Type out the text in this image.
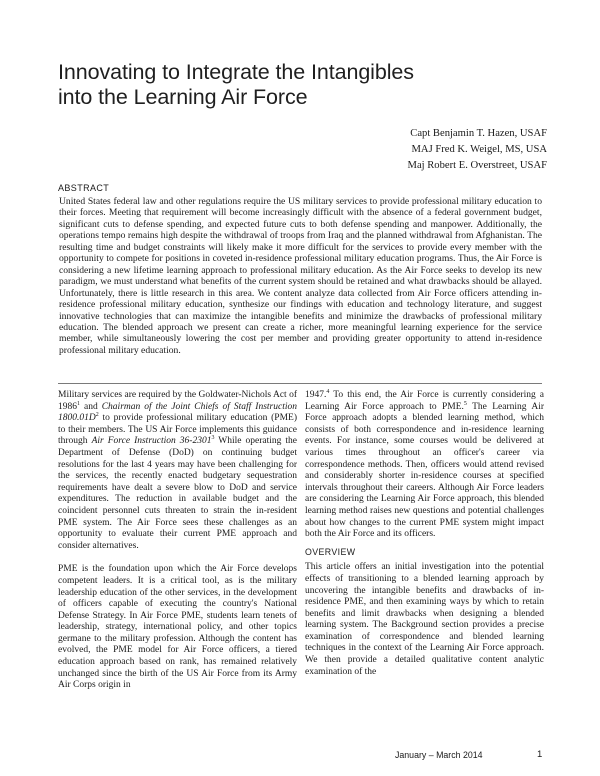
Innovating to Integrate the Intangibles
into the Learning Air Force
Capt Benjamin T. Hazen, USAF
MAJ Fred K. Weigel, MS, USA
Maj Robert E. Overstreet, USAF
ABSTRACT

United States federal law and other regulations require the US military services to provide professional military education to their forces. Meeting that requirement will become increasingly difficult with the absence of a federal government budget, significant cuts to defense spending, and expected future cuts to both defense spending and manpower. Additionally, the operations tempo remains high despite the withdrawal of troops from Iraq and the planned withdrawal from Afghanistan. The resulting time and budget constraints will likely make it more difficult for the services to provide every member with the opportunity to compete for positions in coveted in-residence professional military education programs. Thus, the Air Force is considering a new lifetime learning approach to professional military education. As the Air Force seeks to develop its new paradigm, we must understand what benefits of the current system should be retained and what drawbacks should be allayed. Unfortunately, there is little research in this area. We content analyze data collected from Air Force officers attending in-residence professional military education, synthesize our findings with education and technology literature, and suggest innovative technologies that can maximize the intangible benefits and minimize the drawbacks of professional military education. The blended approach we present can create a richer, more meaningful learning experience for the service member, while simultaneously lowering the cost per member and providing greater opportunity to attend in-residence professional military education.

Military services are required by the Goldwater-Nichols Act of 1986$^1$ and Chairman of the Joint Chiefs of Staff Instruction $1800.01D^2$ to provide professional military education (PME) to their members. The US Air Force implements this guidance through Air Force Instruction 36-2301$^3$ While operating the Department of Defense (DoD) on continuing budget resolutions for the last 4 years may have been challenging for the services, the recently enacted budgetary sequestration requirements have dealt a severe blow to DoD and service expenditures. The reduction in available budget and the coincident personnel cuts threaten to strain the in-resident PME system. The Air Force sees these challenges as an opportunity to evaluate their current PME approach and consider alternatives.

PME is the foundation upon which the Air Force develops competent leaders. It is a critical tool, as is the military leadership education of the other services, in the development of officers capable of executing the country's National Defense Strategy. In Air Force PME, students learn tenets of leadership, strategy, international policy, and other topics germane to the military profession. Although the content has evolved, the PME model for Air Force officers, a tiered education approach based on rank, has remained relatively unchanged since the birth of the US Air Force from its Army Air Corps origin in

1947.$^4$ To this end, the Air Force is currently considering a Learning Air Force approach to PME.$^5$ The Learning Air Force approach adopts a blended learning method, which consists of both correspondence and in-residence learning events. For instance, some courses would be delivered at various times throughout an officer's career via correspondence methods. Then, officers would attend revised and considerably shorter in-residence courses at specified intervals throughout their careers. Although Air Force leaders are considering the Learning Air Force approach, this blended learning method raises new questions and potential challenges about how changes to the current PME system might impact both the Air Force and its officers.

OVERVIEW

This article offers an initial investigation into the potential effects of transitioning to a blended learning approach by uncovering the intangible benefits and drawbacks of in-residence PME, and then examining ways by which to retain benefits and limit drawbacks when designing a blended learning system. The Background section provides a precise examination of correspondence and blended learning techniques in the context of the Learning Air Force approach. We then provide a detailed qualitative content analytic examination of the

January – March 2014	1
